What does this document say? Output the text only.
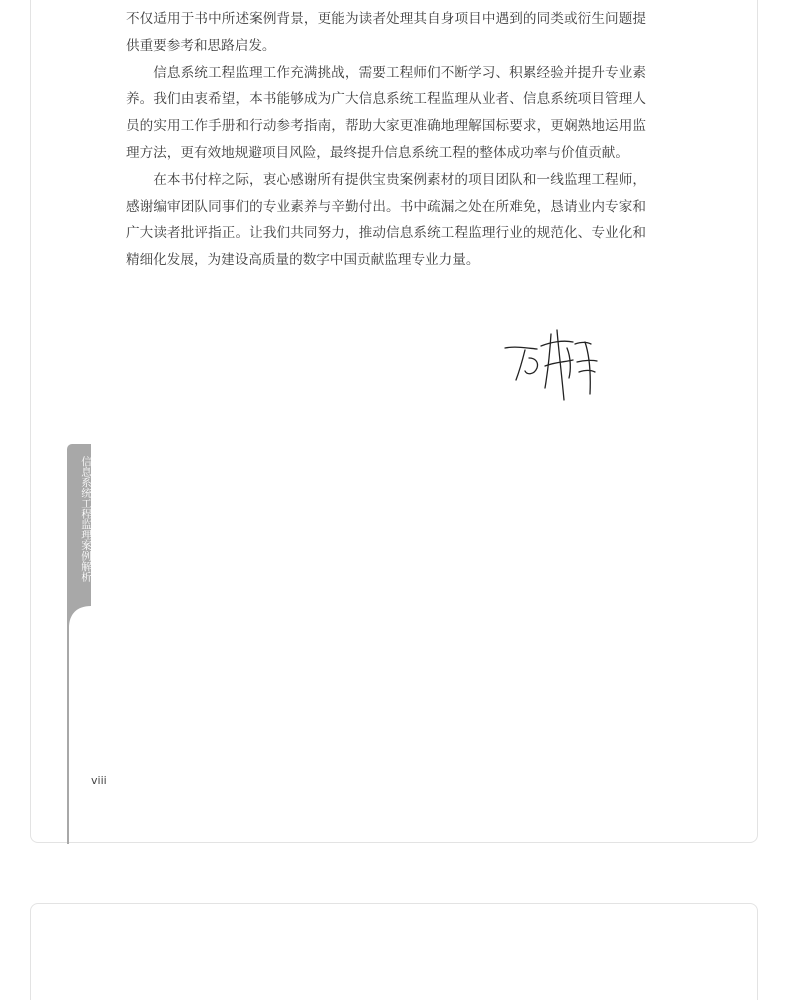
不仅适用于书中所述案例背景，更能为读者处理其自身项目中遇到的同类或衍生问题提供重要参考和思路启发。

信息系统工程监理工作充满挑战，需要工程师们不断学习、积累经验并提升专业素养。我们由衷希望，本书能够成为广大信息系统工程监理从业者、信息系统项目管理人员的实用工作手册和行动参考指南，帮助大家更准确地理解国标要求，更娴熟地运用监理方法，更有效地规避项目风险，最终提升信息系统工程的整体成功率与价值贡献。

在本书付梓之际，衷心感谢所有提供宝贵案例素材的项目团队和一线监理工程师，感谢编审团队同事们的专业素养与辛勤付出。书中疏漏之处在所难免，恳请业内专家和广大读者批评指正。让我们共同努力，推动信息系统工程监理行业的规范化、专业化和精细化发展，为建设高质量的数字中国贡献监理专业力量。

信息系统工程监理案例解析
viii
